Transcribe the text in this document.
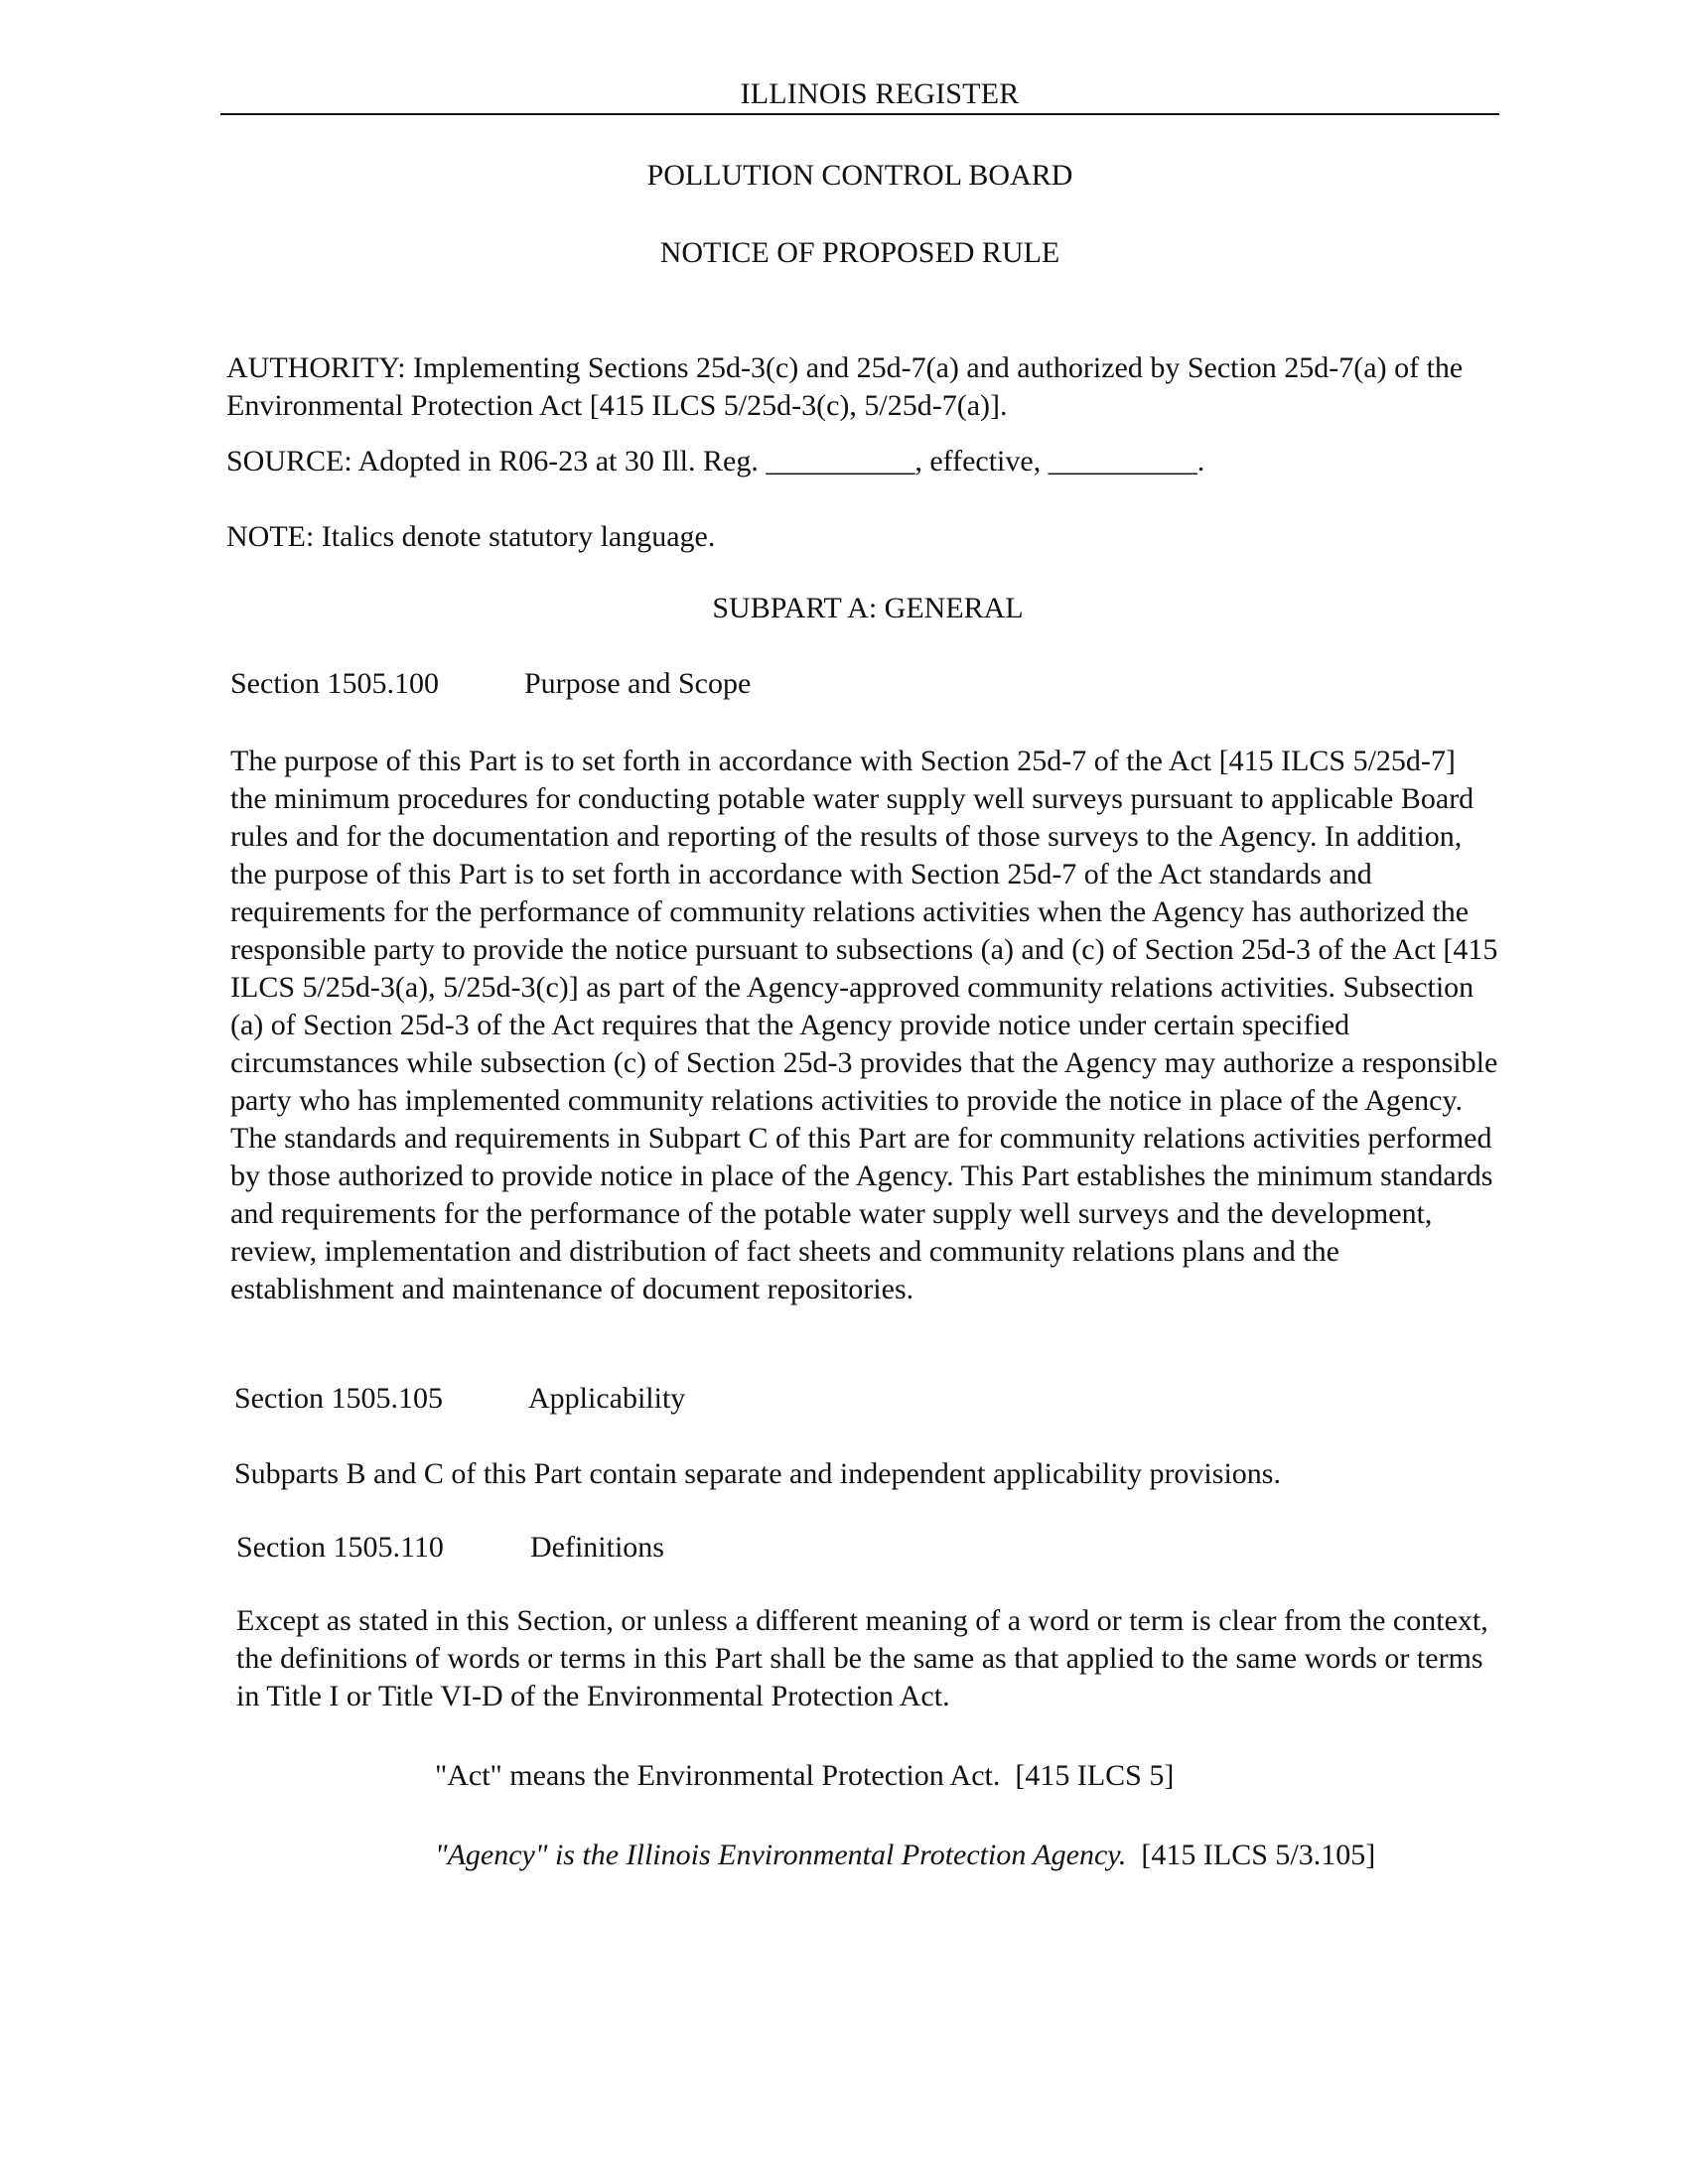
ILLINOIS REGISTER
POLLUTION CONTROL BOARD
NOTICE OF PROPOSED RULE
AUTHORITY: Implementing Sections 25d-3(c) and 25d-7(a) and authorized by Section 25d-7(a) of the Environmental Protection Act [415 ILCS 5/25d-3(c), 5/25d-7(a)].
SOURCE: Adopted in R06-23 at 30 Ill. Reg. __________, effective, __________.
NOTE: Italics denote statutory language.
SUBPART A: GENERAL
Section 1505.100	Purpose and Scope
The purpose of this Part is to set forth in accordance with Section 25d-7 of the Act [415 ILCS 5/25d-7] the minimum procedures for conducting potable water supply well surveys pursuant to applicable Board rules and for the documentation and reporting of the results of those surveys to the Agency. In addition, the purpose of this Part is to set forth in accordance with Section 25d-7 of the Act standards and requirements for the performance of community relations activities when the Agency has authorized the responsible party to provide the notice pursuant to subsections (a) and (c) of Section 25d-3 of the Act [415 ILCS 5/25d-3(a), 5/25d-3(c)] as part of the Agency-approved community relations activities. Subsection (a) of Section 25d-3 of the Act requires that the Agency provide notice under certain specified circumstances while subsection (c) of Section 25d-3 provides that the Agency may authorize a responsible party who has implemented community relations activities to provide the notice in place of the Agency. The standards and requirements in Subpart C of this Part are for community relations activities performed by those authorized to provide notice in place of the Agency. This Part establishes the minimum standards and requirements for the performance of the potable water supply well surveys and the development, review, implementation and distribution of fact sheets and community relations plans and the establishment and maintenance of document repositories.
Section 1505.105	Applicability
Subparts B and C of this Part contain separate and independent applicability provisions.
Section 1505.110	Definitions
Except as stated in this Section, or unless a different meaning of a word or term is clear from the context, the definitions of words or terms in this Part shall be the same as that applied to the same words or terms in Title I or Title VI-D of the Environmental Protection Act.
"Act" means the Environmental Protection Act. [415 ILCS 5]
"Agency" is the Illinois Environmental Protection Agency. [415 ILCS 5/3.105]
